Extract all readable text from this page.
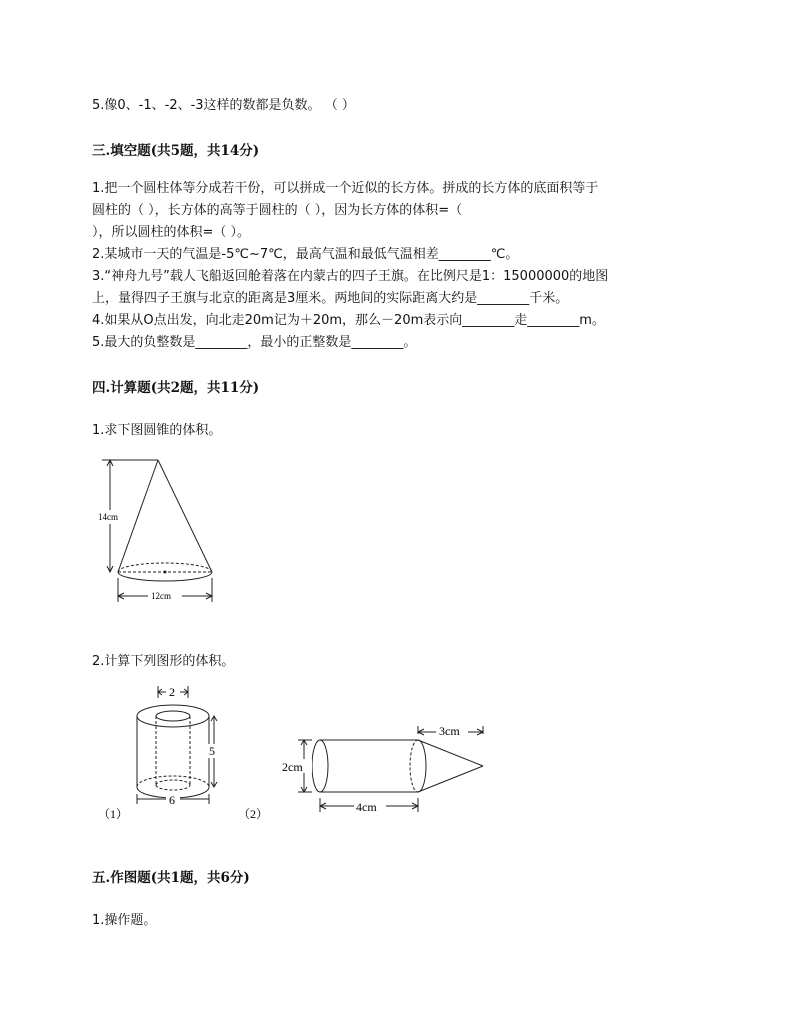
5.像0、-1、-2、-3这样的数都是负数。 （ ）
三.填空题(共5题，共14分)
1.把一个圆柱体等分成若干份，可以拼成一个近似的长方体。拼成的长方体的底面积等于
圆柱的（ ），长方体的高等于圆柱的（ ），因为长方体的体积=（
），所以圆柱的体积=（ ）。
2.某城市一天的气温是-5℃~7℃，最高气温和最低气温相差________℃。
3.“神舟九号”载人飞船返回舱着落在内蒙古的四子王旗。在比例尺是1：15000000的地图
上，量得四子王旗与北京的距离是3厘米。两地间的实际距离大约是________千米。
4.如果从O点出发，向北走20m记为＋20m，那么－20m表示向________走________m。
5.最大的负整数是________，最小的正整数是________。
四.计算题(共2题，共11分)
1.求下图圆锥的体积。
14cm
12cm
2.计算下列图形的体积。
2
5
6
（1）
3cm
2cm
4cm
（2）
五.作图题(共1题，共6分)
1.操作题。
